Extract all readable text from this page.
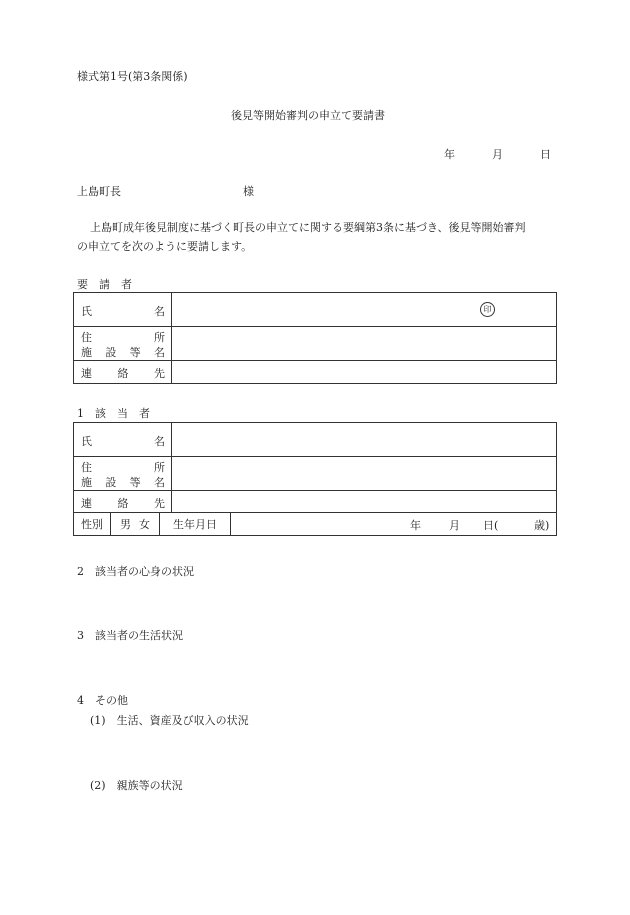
様式第1号(第3条関係)
後見等開始審判の申立て要請書
年	月	日
上島町長	様
上島町成年後見制度に基づく町長の申立てに関する要綱第3条に基づき、後見等開始審判
の申立てを次のように要請します。
要　請　者
氏	名	印
住	所
施 設 等 名
連 絡 先
1　該　当　者
氏	名
住	所
施 設 等 名
連 絡 先
性別 男 女 生年月日	年	月 日(	歳)
2　該当者の心身の状況
3　該当者の生活状況
4　その他
(1)　生活、資産及び収入の状況
(2)　親族等の状況
